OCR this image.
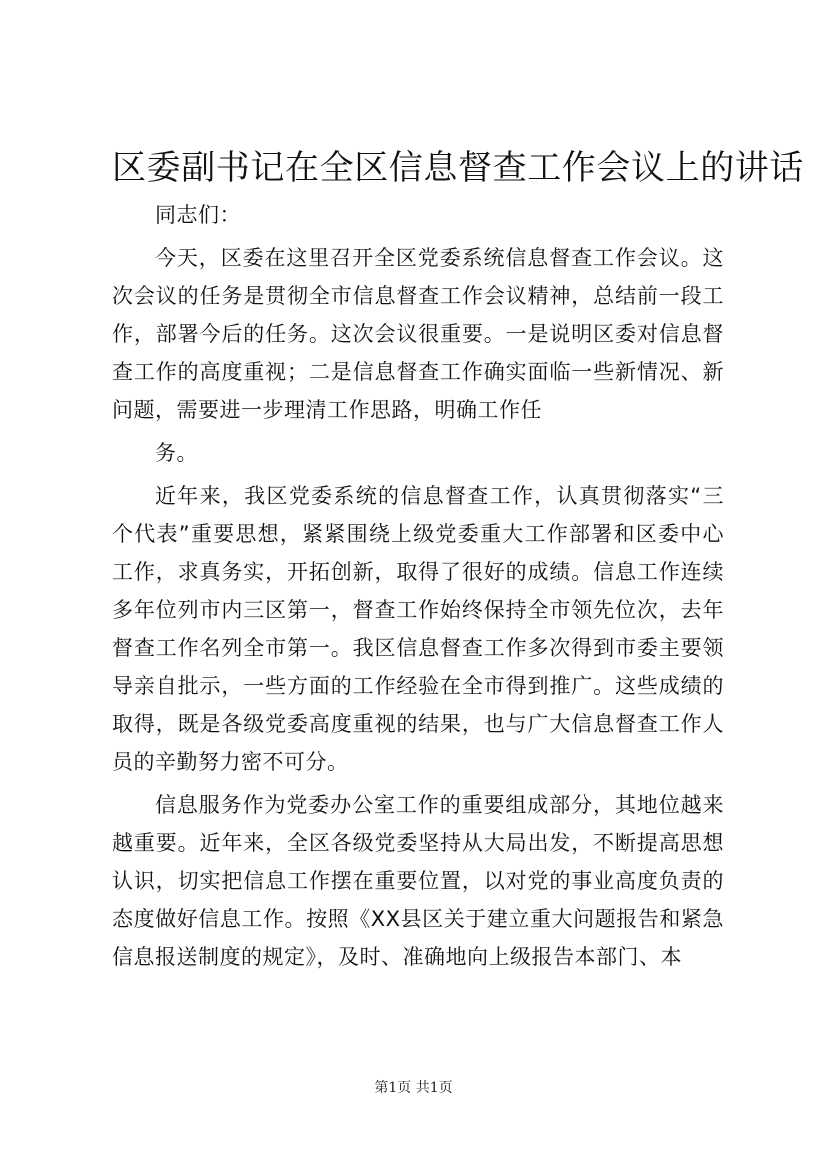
区委副书记在全区信息督查工作会议上的讲话

同志们：

今天，区委在这里召开全区党委系统信息督查工作会议。这次会议的任务是贯彻全市信息督查工作会议精神，总结前一段工作，部署今后的任务。这次会议很重要。一是说明区委对信息督查工作的高度重视；二是信息督查工作确实面临一些新情况、新问题，需要进一步理清工作思路，明确工作任

务。

近年来，我区党委系统的信息督查工作，认真贯彻落实“三个代表”重要思想，紧紧围绕上级党委重大工作部署和区委中心工作，求真务实，开拓创新，取得了很好的成绩。信息工作连续多年位列市内三区第一，督查工作始终保持全市领先位次，去年督查工作名列全市第一。我区信息督查工作多次得到市委主要领导亲自批示，一些方面的工作经验在全市得到推广。这些成绩的取得，既是各级党委高度重视的结果，也与广大信息督查工作人员的辛勤努力密不可分。

信息服务作为党委办公室工作的重要组成部分，其地位越来越重要。近年来，全区各级党委坚持从大局出发，不断提高思想认识，切实把信息工作摆在重要位置，以对党的事业高度负责的态度做好信息工作。按照《XX县区关于建立重大问题报告和紧急信息报送制度的规定》，及时、准确地向上级报告本部门、本

第1页 共1页
